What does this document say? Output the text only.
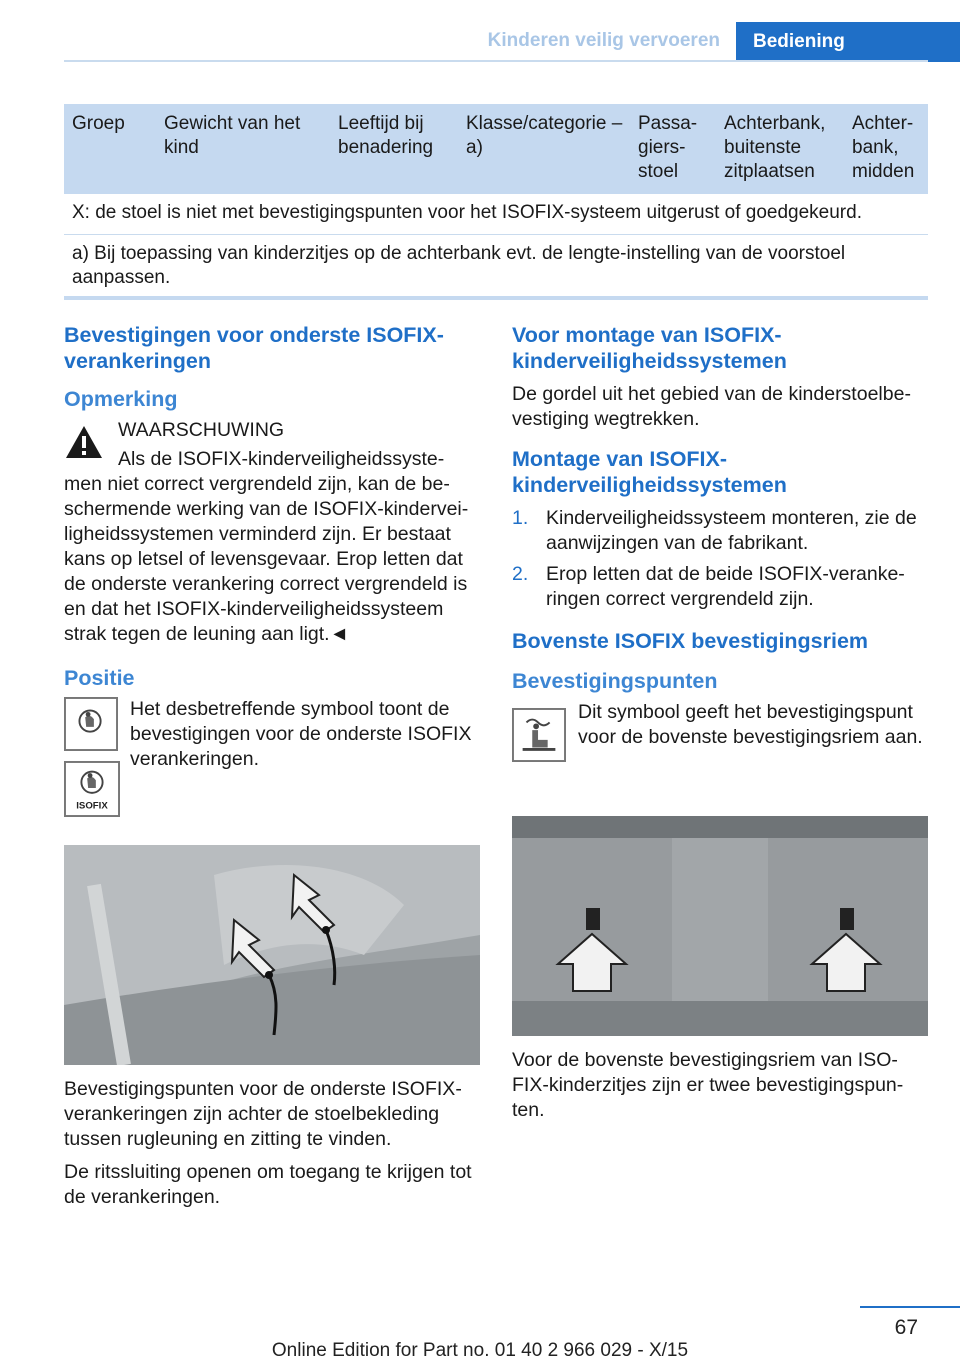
Kinderen veilig vervoeren	Bediening
Groep	Gewicht van het kind	Leeftijd bij benadering	Klasse/categorie – a)	Passa-giers-stoel	Achterbank, buitenste zitplaatsen	Achter-bank, midden
X: de stoel is niet met bevestigingspunten voor het ISOFIX-systeem uitgerust of goedgekeurd.
a) Bij toepassing van kinderzitjes op de achterbank evt. de lengte-instelling van de voorstoel aanpassen.
Bevestigingen voor onderste ISOFIX-verankeringen
Opmerking

WAARSCHUWING

Als de ISOFIX-kinderveiligheidssyste-men niet correct vergrendeld zijn, kan de be-schermende werking van de ISOFIX-kindervei-ligheidssystemen verminderd zijn. Er bestaat kans op letsel of levensgevaar. Erop letten dat de onderste verankering correct vergrendeld is en dat het ISOFIX-kinderveiligheidssysteem strak tegen de leuning aan ligt.◄

Positie
ISOFIX

Het desbetreffende symbool toont de bevestigingen voor de onderste ISOFIX verankeringen.

Bevestigingspunten voor de onderste ISOFIX-verankeringen zijn achter de stoelbekleding tussen rugleuning en zitting te vinden.

De ritssluiting openen om toegang te krijgen tot de verankeringen.

Voor montage van ISOFIX-kinderveiligheidssystemen

De gordel uit het gebied van de kinderstoelbe-vestiging wegtrekken.

Montage van ISOFIX-kinderveiligheidssystemen
1. Kinderveiligheidssysteem monteren, zie de aanwijzingen van de fabrikant.
2. Erop letten dat de beide ISOFIX-veranke-ringen correct vergrendeld zijn.
Bovenste ISOFIX bevestigingsriem
Bevestigingspunten

Dit symbool geeft het bevestigingspunt voor de bovenste bevestigingsriem aan.

Voor de bovenste bevestigingsriem van ISO-FIX-kinderzitjes zijn er twee bevestigingspun-ten.

67
Online Edition for Part no. 01 40 2 966 029 - X/15
